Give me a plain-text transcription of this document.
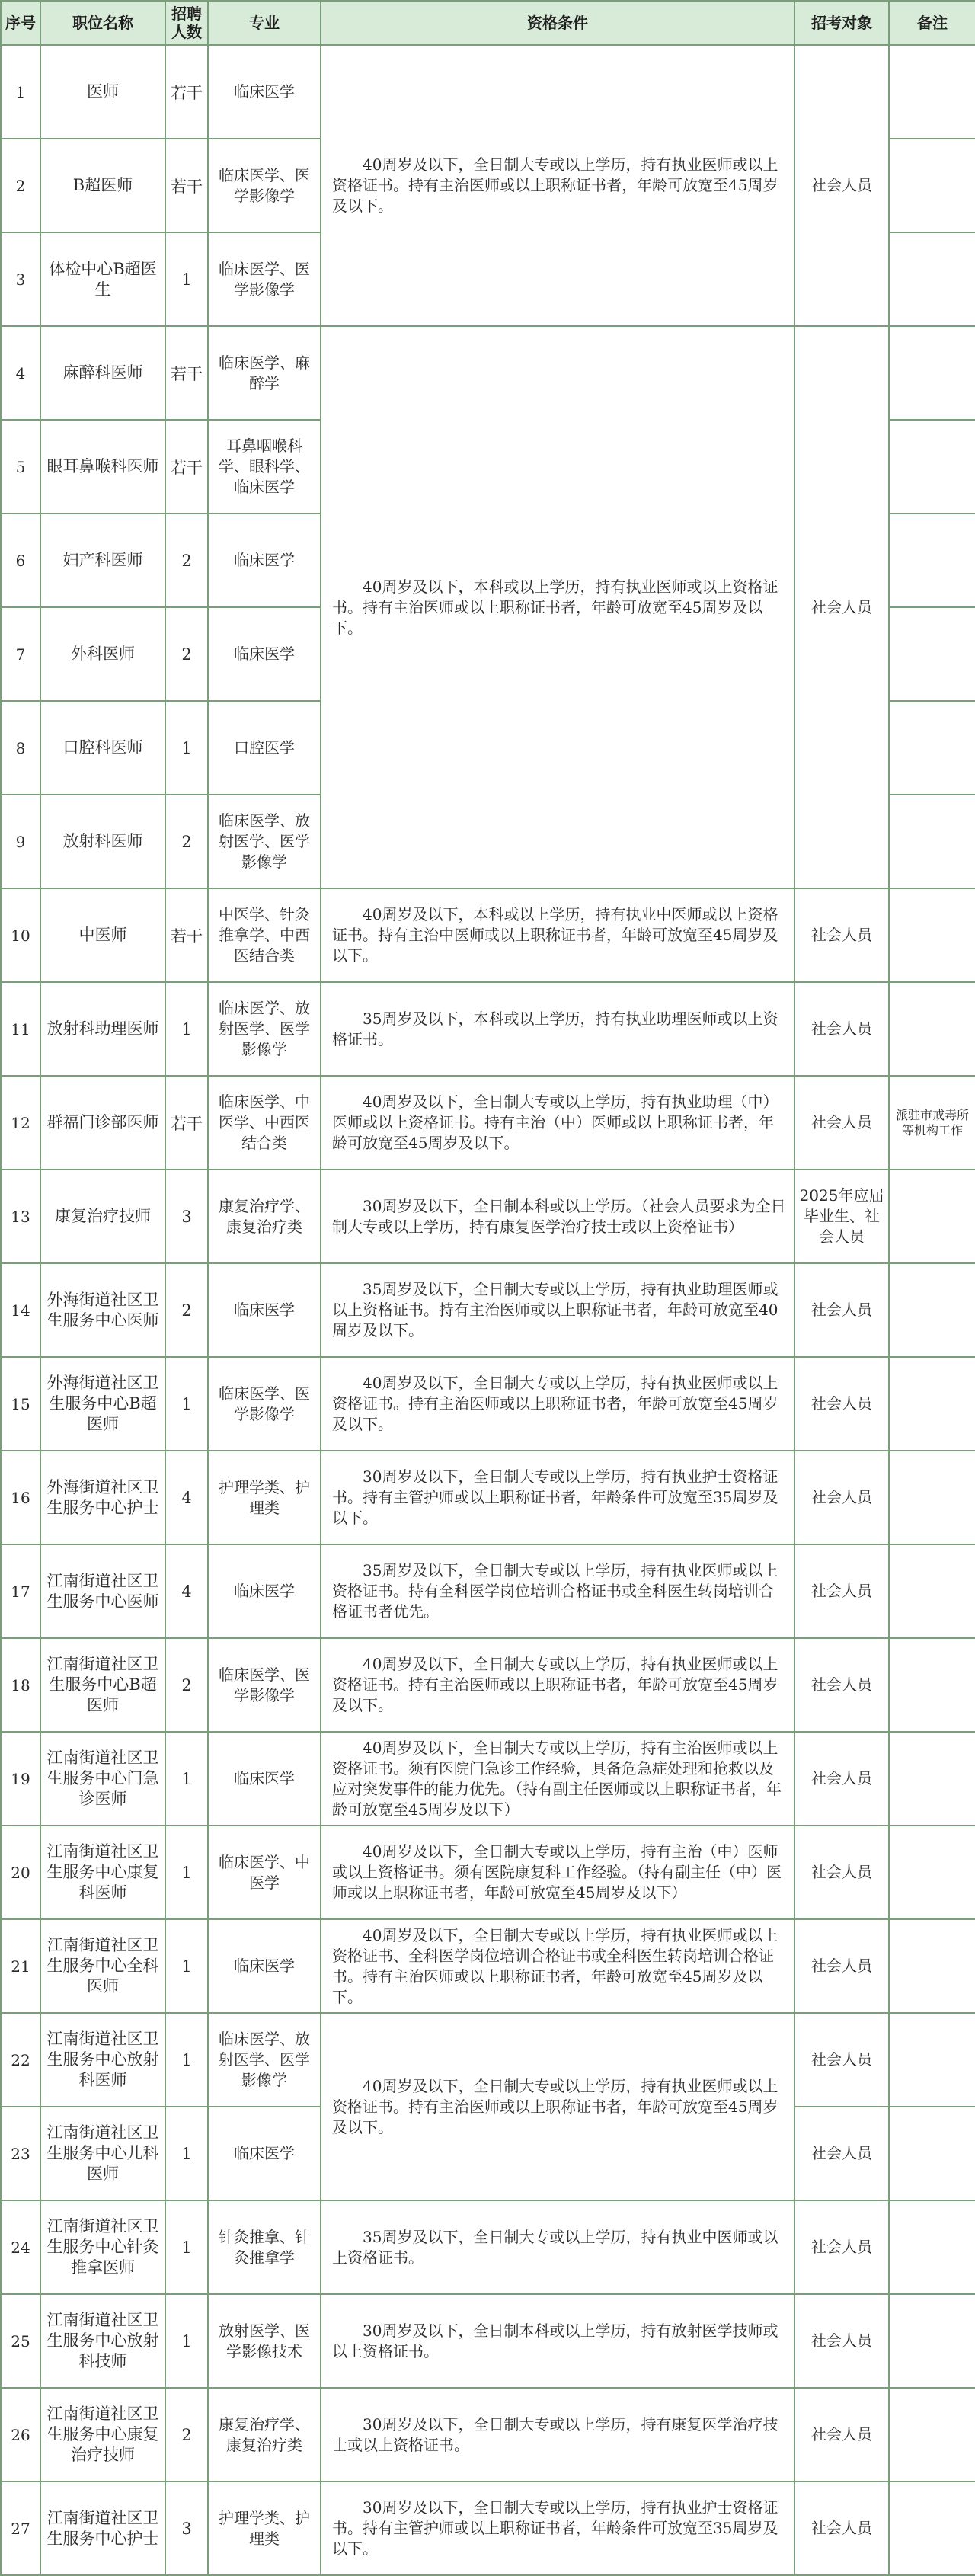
序号	职位名称	招聘人数	专业	资格条件	招考对象	备注
1	医师	若干	临床医学	40周岁及以下，全日制大专或以上学历，持有执业医师或以上资格证书。持有主治医师或以上职称证书者，年龄可放宽至45周岁及以下。	社会人员	
2	B超医师	若干	临床医学、医学影像学			
3	体检中心B超医生	1	临床医学、医学影像学			
4	麻醉科医师	若干	临床医学、麻醉学	40周岁及以下，本科或以上学历，持有执业医师或以上资格证书。持有主治医师或以上职称证书者，年龄可放宽至45周岁及以下。	社会人员	
5	眼耳鼻喉科医师	若干	耳鼻咽喉科学、眼科学、临床医学			
6	妇产科医师	2	临床医学			
7	外科医师	2	临床医学			
8	口腔科医师	1	口腔医学			
9	放射科医师	2	临床医学、放射医学、医学影像学			
10	中医师	若干	中医学、针灸推拿学、中西医结合类	40周岁及以下，本科或以上学历，持有执业中医师或以上资格证书。持有主治中医师或以上职称证书者，年龄可放宽至45周岁及以下。	社会人员	
11	放射科助理医师	1	临床医学、放射医学、医学影像学	35周岁及以下，本科或以上学历，持有执业助理医师或以上资格证书。	社会人员	
12	群福门诊部医师	若干	临床医学、中医学、中西医结合类	40周岁及以下，全日制大专或以上学历，持有执业助理（中）医师或以上资格证书。持有主治（中）医师或以上职称证书者，年龄可放宽至45周岁及以下。	社会人员	派驻市戒毒所等机构工作
13	康复治疗技师	3	康复治疗学、康复治疗类	30周岁及以下，全日制本科或以上学历。（社会人员要求为全日制大专或以上学历，持有康复医学治疗技士或以上资格证书）	2025年应届毕业生、社会人员	
14	外海街道社区卫生服务中心医师	2	临床医学	35周岁及以下，全日制大专或以上学历，持有执业助理医师或以上资格证书。持有主治医师或以上职称证书者，年龄可放宽至40周岁及以下。	社会人员	
15	外海街道社区卫生服务中心B超医师	1	临床医学、医学影像学	40周岁及以下，全日制大专或以上学历，持有执业医师或以上资格证书。持有主治医师或以上职称证书者，年龄可放宽至45周岁及以下。	社会人员	
16	外海街道社区卫生服务中心护士	4	护理学类、护理类	30周岁及以下，全日制大专或以上学历，持有执业护士资格证书。持有主管护师或以上职称证书者，年龄条件可放宽至35周岁及以下。	社会人员	
17	江南街道社区卫生服务中心医师	4	临床医学	35周岁及以下，全日制大专或以上学历，持有执业医师或以上资格证书。持有全科医学岗位培训合格证书或全科医生转岗培训合格证书者优先。	社会人员	
18	江南街道社区卫生服务中心B超医师	2	临床医学、医学影像学	40周岁及以下，全日制大专或以上学历，持有执业医师或以上资格证书。持有主治医师或以上职称证书者，年龄可放宽至45周岁及以下。	社会人员	
19	江南街道社区卫生服务中心门急诊医师	1	临床医学	40周岁及以下，全日制大专或以上学历，持有主治医师或以上资格证书。须有医院门急诊工作经验，具备危急症处理和抢救以及应对突发事件的能力优先。（持有副主任医师或以上职称证书者，年龄可放宽至45周岁及以下）	社会人员	
20	江南街道社区卫生服务中心康复科医师	1	临床医学、中医学	40周岁及以下，全日制大专或以上学历，持有主治（中）医师或以上资格证书。须有医院康复科工作经验。（持有副主任（中）医师或以上职称证书者，年龄可放宽至45周岁及以下）	社会人员	
21	江南街道社区卫生服务中心全科医师	1	临床医学	40周岁及以下，全日制大专或以上学历，持有执业医师或以上资格证书、全科医学岗位培训合格证书或全科医生转岗培训合格证书。持有主治医师或以上职称证书者，年龄可放宽至45周岁及以下。	社会人员	
22	江南街道社区卫生服务中心放射科医师	1	临床医学、放射医学、医学影像学	40周岁及以下，全日制大专或以上学历，持有执业医师或以上资格证书。持有主治医师或以上职称证书者，年龄可放宽至45周岁及以下。	社会人员	
23	江南街道社区卫生服务中心儿科医师	1	临床医学		社会人员	
24	江南街道社区卫生服务中心针灸推拿医师	1	针灸推拿、针灸推拿学	35周岁及以下，全日制大专或以上学历，持有执业中医师或以上资格证书。	社会人员	
25	江南街道社区卫生服务中心放射科技师	1	放射医学、医学影像技术	30周岁及以下，全日制本科或以上学历，持有放射医学技师或以上资格证书。	社会人员	
26	江南街道社区卫生服务中心康复治疗技师	2	康复治疗学、康复治疗类	30周岁及以下，全日制大专或以上学历，持有康复医学治疗技士或以上资格证书。	社会人员	
27	江南街道社区卫生服务中心护士	3	护理学类、护理类	30周岁及以下，全日制大专或以上学历，持有执业护士资格证书。持有主管护师或以上职称证书者，年龄条件可放宽至35周岁及以下。	社会人员	
